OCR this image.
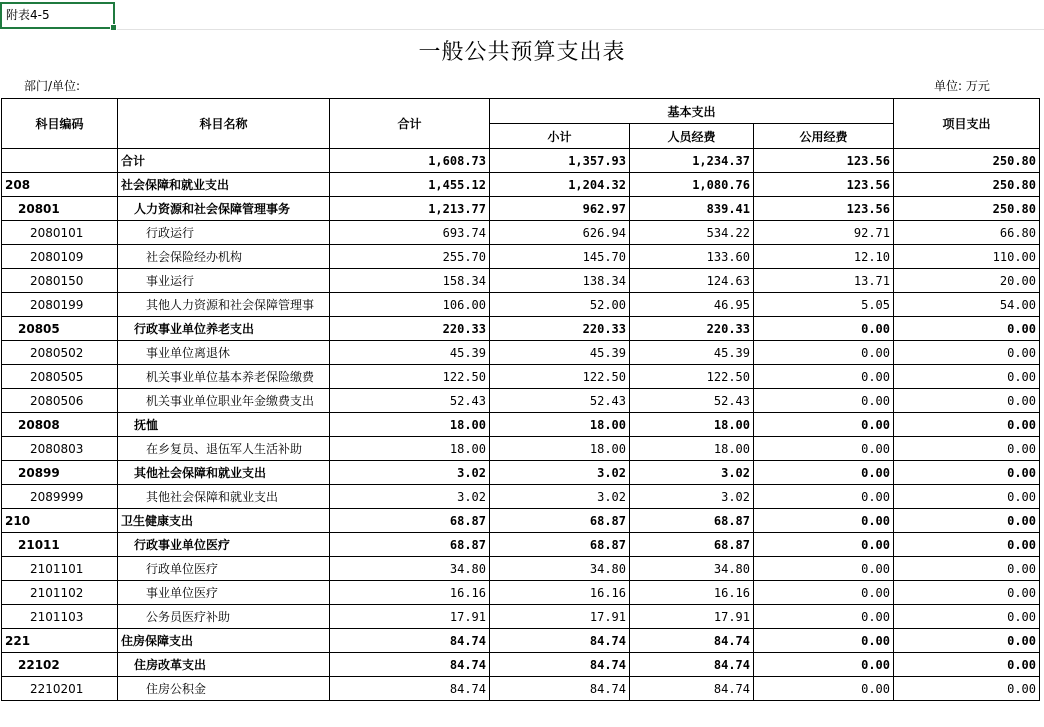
附表4-5
一般公共预算支出表
部门/单位:	单位: 万元
科目编码	科目名称	合计	基本支出			项目支出
			小计	人员经费	公用经费	
	合计	1,608.73	1,357.93	1,234.37	123.56	250.80
208	社会保障和就业支出	1,455.12	1,204.32	1,080.76	123.56	250.80
20801	人力资源和社会保障管理事务	1,213.77	962.97	839.41	123.56	250.80
2080101	行政运行	693.74	626.94	534.22	92.71	66.80
2080109	社会保险经办机构	255.70	145.70	133.60	12.10	110.00
2080150	事业运行	158.34	138.34	124.63	13.71	20.00
2080199	其他人力资源和社会保障管理事	106.00	52.00	46.95	5.05	54.00
20805	行政事业单位养老支出	220.33	220.33	220.33	0.00	0.00
2080502	事业单位离退休	45.39	45.39	45.39	0.00	0.00
2080505	机关事业单位基本养老保险缴费	122.50	122.50	122.50	0.00	0.00
2080506	机关事业单位职业年金缴费支出	52.43	52.43	52.43	0.00	0.00
20808	抚恤	18.00	18.00	18.00	0.00	0.00
2080803	在乡复员、退伍军人生活补助	18.00	18.00	18.00	0.00	0.00
20899	其他社会保障和就业支出	3.02	3.02	3.02	0.00	0.00
2089999	其他社会保障和就业支出	3.02	3.02	3.02	0.00	0.00
210	卫生健康支出	68.87	68.87	68.87	0.00	0.00
21011	行政事业单位医疗	68.87	68.87	68.87	0.00	0.00
2101101	行政单位医疗	34.80	34.80	34.80	0.00	0.00
2101102	事业单位医疗	16.16	16.16	16.16	0.00	0.00
2101103	公务员医疗补助	17.91	17.91	17.91	0.00	0.00
221	住房保障支出	84.74	84.74	84.74	0.00	0.00
22102	住房改革支出	84.74	84.74	84.74	0.00	0.00
2210201	住房公积金	84.74	84.74	84.74	0.00	0.00
